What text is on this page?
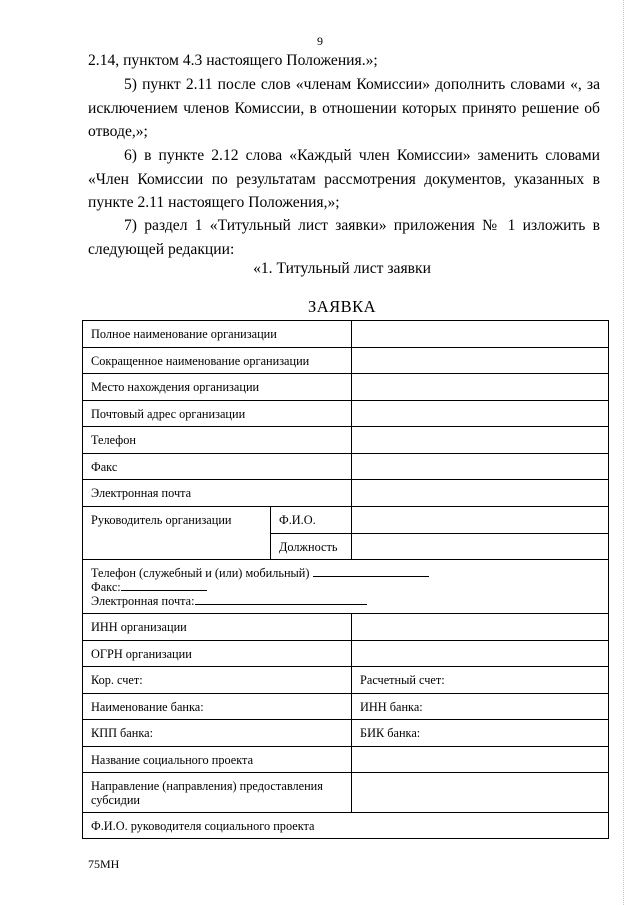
9

2.14, пунктом 4.3 настоящего Положения.»;

5) пункт 2.11 после слов «членам Комиссии» дополнить словами «, за исключением членов Комиссии, в отношении которых принято решение об отводе,»;

6) в пункте 2.12 слова «Каждый член Комиссии» заменить словами «Член Комиссии по результатам рассмотрения документов, указанных в пункте 2.11 настоящего Положения,»;

7) раздел 1 «Титульный лист заявки» приложения № 1 изложить в следующей редакции:

«1. Титульный лист заявки
ЗАЯВКА
Полное наименование организации		
Сокращенное наименование организации		
Место нахождения организации		
Почтовый адрес организации		
Телефон		
Факс		
Электронная почта		
Руководитель организации	Ф.И.О.	
	Должность	

Телефон (служебный и (или) мобильный)
Факс:
Электронная почта:		

ИНН организации		
ОГРН организации		
Кор. счет:		Расчетный счет:
Наименование банка:		ИНН банка:
КПП банка:		БИК банка:
Название социального проекта		
Направление (направления) предоставления субсидии		
Ф.И.О. руководителя социального проекта		
75МН
